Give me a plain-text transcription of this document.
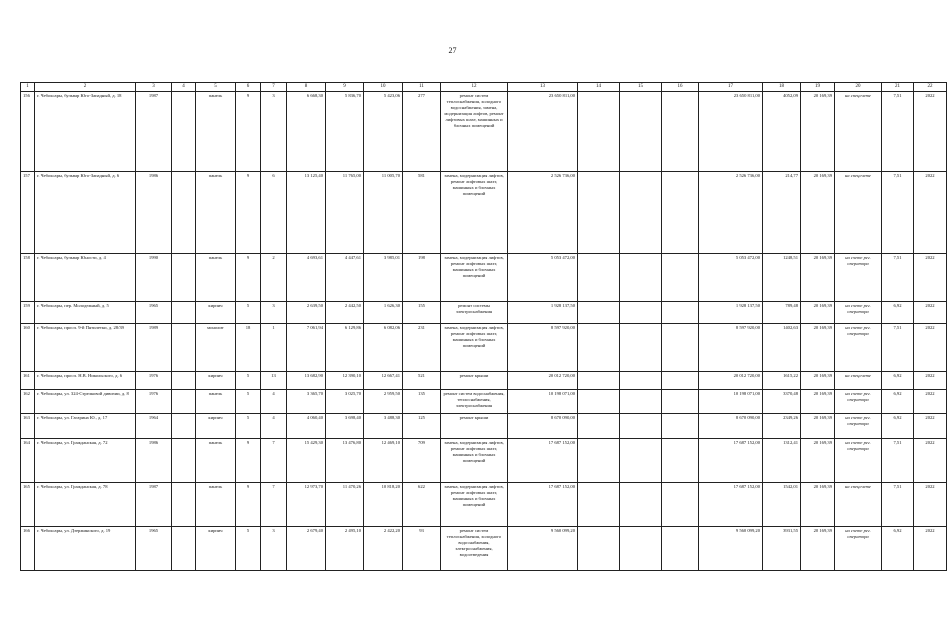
27
1	2	3	4	5	6	7	8	9	10	11	12	13	14	15	16	17	18	19	20	21	22
156	г. Чебоксары, бульвар Юго-Западный, д. 18	1987		панель	9	3	6 668,30	5 836,70	5 423,06	277	ремонт систем теплоснабжения, холодного водоснабжения, замена, модернизация лифтов, ремонт лифтовых шахт, машинных и блочных помещений	23 650 811,00				23 650 811,00	4052,09	20 169,39	на спецсчете	7,51	2022
157	г. Чебоксары, бульвар Юго-Западный, д. 6	1986		панель	9	6	13 125,40	11 765,00	11 005,70	581	замена, модернизация лифтов, ремонт лифтовых шахт, машинных и блочных помещений	2 526 736,00				2 526 736,00	214,77	20 169,39	на спецсчете	7,51	2022
158	г. Чебоксары, бульвар Юности, д. 4	1990		панель	9	2	4 693,61	4 447,61	3 985,01	198	замена, модернизация лифтов, ремонт лифтовых шахт, машинных и блочных помещений	5 053 472,00				5 053 472,00	1248,51	20 169,39	на счете рег. оператора	7,51	2022
159	г. Чебоксары, пер. Молодежный, д. 5	1965		кирпич	5	3	2 639,50	2 442,50	1 626,30	155	ремонт системы электроснабжения	1 928 137,50				1 928 137,50	789,48	20 169,39	на счете рег. оператора	6,92	2022
160	г. Чебоксары, просп. 9-й Пятилетки, д. 28/39	1989		монолит	18	1	7 061,94	6 129,86	6 082,06	231	замена, модернизация лифтов, ремонт лифтовых шахт, машинных и блочных помещений	8 597 920,00				8 597 920,00	1402,63	20 169,39	на счете рег. оператора	7,51	2022
161	г. Чебоксары, просп. Н.В. Никольского, д. 6	1976		кирпич	5	13	13 682,90	12 390,10	12 667,41	521	ремонт крыши	20 012 720,00				20 012 720,00	1615,22	20 169,39	на спецсчете	6,92	2022
162	г. Чебоксары, ул. 324-Стрелковой дивизии, д. 8	1976		панель	5	4	3 365,70	3 025,70	2 959,50	135	ремонт систем водоснабжения, теплоснабжения, электроснабжения	10 198 071,00				10 198 071,00	3370,48	20 169,39	на счете рег. оператора	6,92	2022
163	г. Чебоксары, ул. Гагарина Ю., д. 17	1964		кирпич	5	4	4 060,40	3 698,40	3 488,30	125	ремонт крыши	8 670 090,00				8 670 090,00	2349,26	20 169,39	на счете рег. оператора	6,92	2022
164	г. Чебоксары, ул. Гражданская, д. 72	1986		панель	9	7	15 429,30	13 476,80	12 469,10	709	замена, модернизация лифтов, ремонт лифтовых шахт, машинных и блочных помещений	17 687 152,00				17 687 152,00	1312,41	20 169,39	на счете рег. оператора	7,51	2022
165	г. Чебоксары, ул. Гражданская, д. 78	1987		панель	9	7	12 973,70	11 470,26	10 818,20	622	замена, модернизация лифтов, ремонт лифтовых шахт, машинных и блочных помещений	17 687 152,00				17 687 152,00	1542,01	20 169,39	на спецсчете	7,51	2022
166	г. Чебоксары, ул. Дзержинского, д. 19	1965		кирпич	5	3	2 679,40	2 495,10	2 422,20	93	ремонт систем теплоснабжения, холодного водоснабжения, электроснабжения, водоотведения	9 560 099,20				9 560 099,20	3931,55	20 169,39	на счете рег. оператора	6,92	2022
